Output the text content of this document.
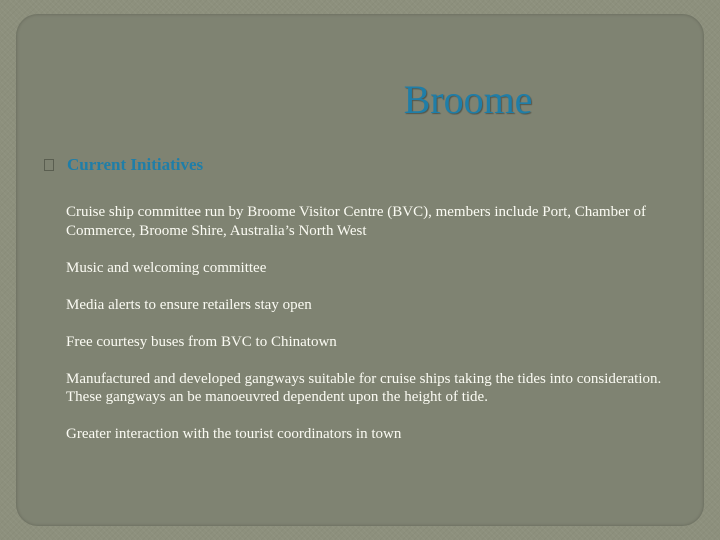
Broome
Current Initiatives
Cruise ship committee run by Broome Visitor Centre (BVC), members include Port, Chamber of Commerce, Broome Shire, Australia’s North West
Music and welcoming committee
Media alerts to ensure retailers stay open
Free courtesy buses from BVC to Chinatown
Manufactured and developed gangways suitable for cruise ships taking the tides into consideration. These gangways an be manoeuvred dependent upon the height of tide.
Greater interaction with the tourist coordinators in town
